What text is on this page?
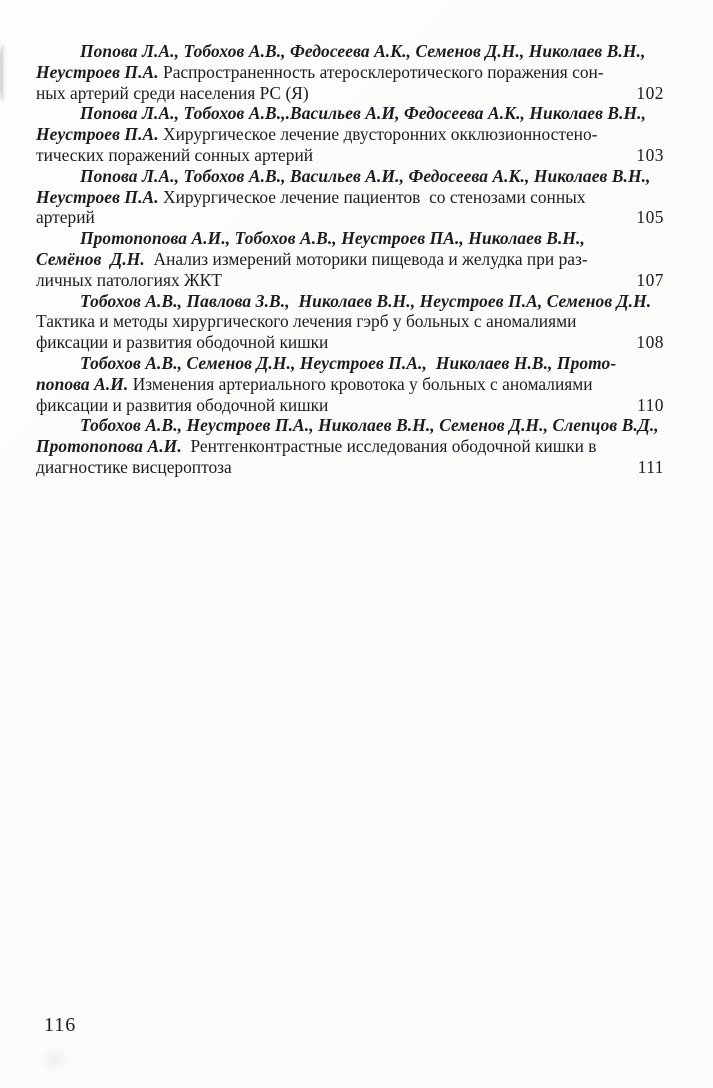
Попова Л.А., Тобохов А.В., Федосеева А.К., Семенов Д.Н., Николаев В.Н.,
Неустроев П.А. Распространенность атеросклеротического поражения сон-
ных артерий среди населения РС (Я)	102
Попова Л.А., Тобохов А.В.,.Васильев А.И, Федосеева А.К., Николаев В.Н.,
Неустроев П.А. Хирургическое лечение двусторонних окклюзионностено-
тических поражений сонных артерий	103
Попова Л.А., Тобохов А.В., Васильев А.И., Федосеева А.К., Николаев В.Н.,
Неустроев П.А. Хирургическое лечение пациентов  со стенозами сонных
артерий	105
Протопопова А.И., Тобохов А.В., Неустроев ПА., Николаев В.Н.,
Семёнов  Д.Н.  Анализ измерений моторики пищевода и желудка при раз-
личных патологиях ЖКТ	107
Тобохов А.В., Павлова З.В.,  Николаев В.Н., Неустроев П.А, Семенов Д.Н.
Тактика и методы хирургического лечения гэрб у больных с аномалиями
фиксации и развития ободочной кишки	108
Тобохов А.В., Семенов Д.Н., Неустроев П.А.,  Николаев Н.В., Прото-
попова А.И. Изменения артериального кровотока у больных с аномалиями
фиксации и развития ободочной кишки	110
Тобохов А.В., Неустроев П.А., Николаев В.Н., Семенов Д.Н., Слепцов В.Д.,
Протопопова А.И.  Рентгенконтрастные исследования ободочной кишки в
диагностике висцероптоза	111
116
